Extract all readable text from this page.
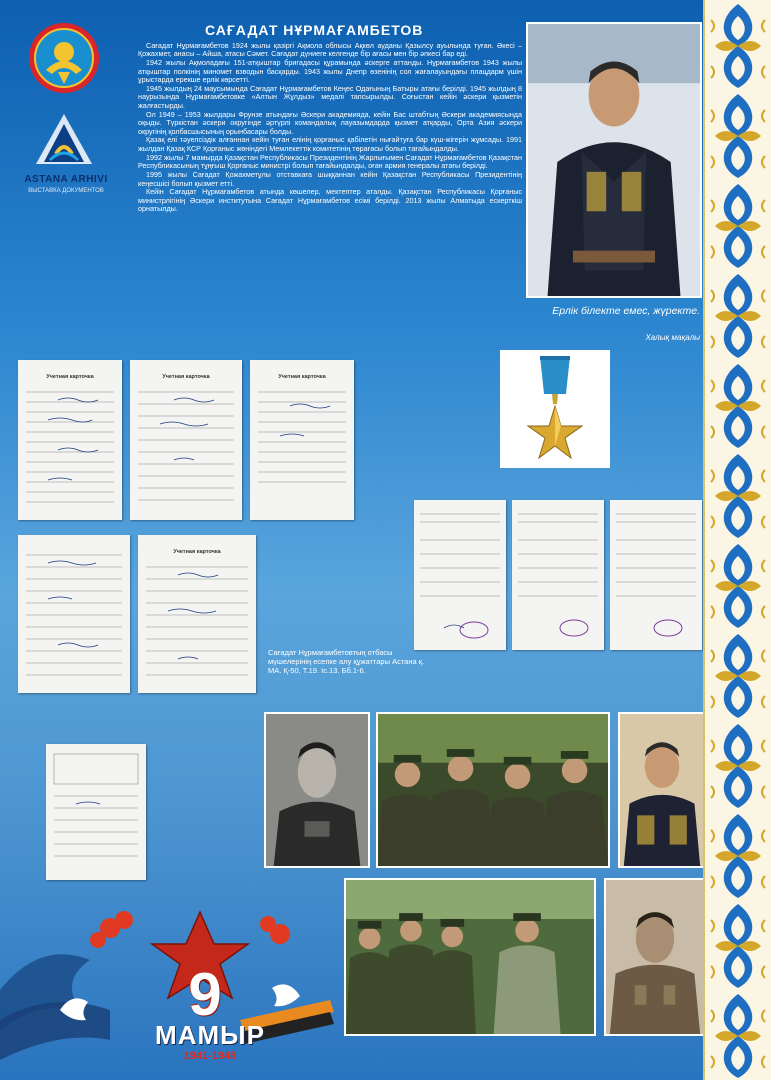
ASTANA ARHIVI
ВЫСТАВКА ДОКУМЕНТОВ
САҒАДАТ НҰРМАҒАМБЕТОВ

Сағадат Нұрмағамбетов 1924 жылы қазіргі Ақмола облысы Ақкөл ауданы Қазылсу ауылында туған. Әкесі – Қожахмет, анасы – Айша, атасы Сәмет. Сағадат дүниеге келгенде бір ағасы мен бір әпкесі бар еді.

1942 жылы Ақмоладағы 151-атқыштар бригадасы құрамында әскерге аттанды. Нұрмағамбетов 1943 жылы атқыштар полкінің миномет взводын басқарды. 1943 жылы Днепр өзенінің сол жағалауындағы плацдарм үшін ұрыстарда ерекше ерлік көрсетті.

1945 жылдың 24 маусымында Сағадат Нұрмағамбетов Кеңес Одағының Батыры атағы берілді. 1945 жылдың 8 наурызында Нұрмағамбетовке «Алтын Жұлдыз» медалі тапсырылды. Соғыстан кейін әскери қызметін жалғастырды.

Ол 1949 – 1953 жылдары Фрунзе атындағы Әскери академияда, кейін Бас штабтың Әскери академиясында оқыды. Түркістан әскери округінде әртүрлі командалық лауазымдарда қызмет атқарды, Орта Азия әскери округінің қолбасшысының орынбасары болды.

Қазақ елі тәуелсіздік алғаннан кейін туған елінің қорғаныс қабілетін нығайтуға бар күш-жігерін жұмсады. 1991 жылдан Қазақ КСР Қорғаныс жөніндегі Мемлекеттік комитетінің төрағасы болып тағайындалды.

1992 жылы 7 мамырда Қазақстан Республикасы Президентінің Жарлығымен Сағадат Нұрмағамбетов Қазақстан Республикасының тұңғыш Қорғаныс министрі болып тағайындалды, оған армия генералы атағы берілді.

1995 жылы Сағадат Қожахметұлы отставкаға шыққаннан кейін Қазақстан Республикасы Президентінің кеңесшісі болып қызмет етті.

Кейін Сағадат Нұрмағамбетов атында көшелер, мектептер аталды. Қазақстан Республикасы Қорғаныс министрлігінің Әскери институтына Сағадат Нұрмағамбетов есімі берілді. 2013 жылы Алматыда ескерткіш орнатылды.

Ерлік білекте емес, жүректе.
Халық мақалы
Учетная карточка	Учетная карточка	Учетная карточка
Учетная карточка
Сағадат Нұрмағамбетовтың отбасы мүшелерінің есепке алу құжаттары Астана қ. МА. Қ-50, Т.19. Іс.13. Бб.1-6.
9
МАМЫР
1941-1945
